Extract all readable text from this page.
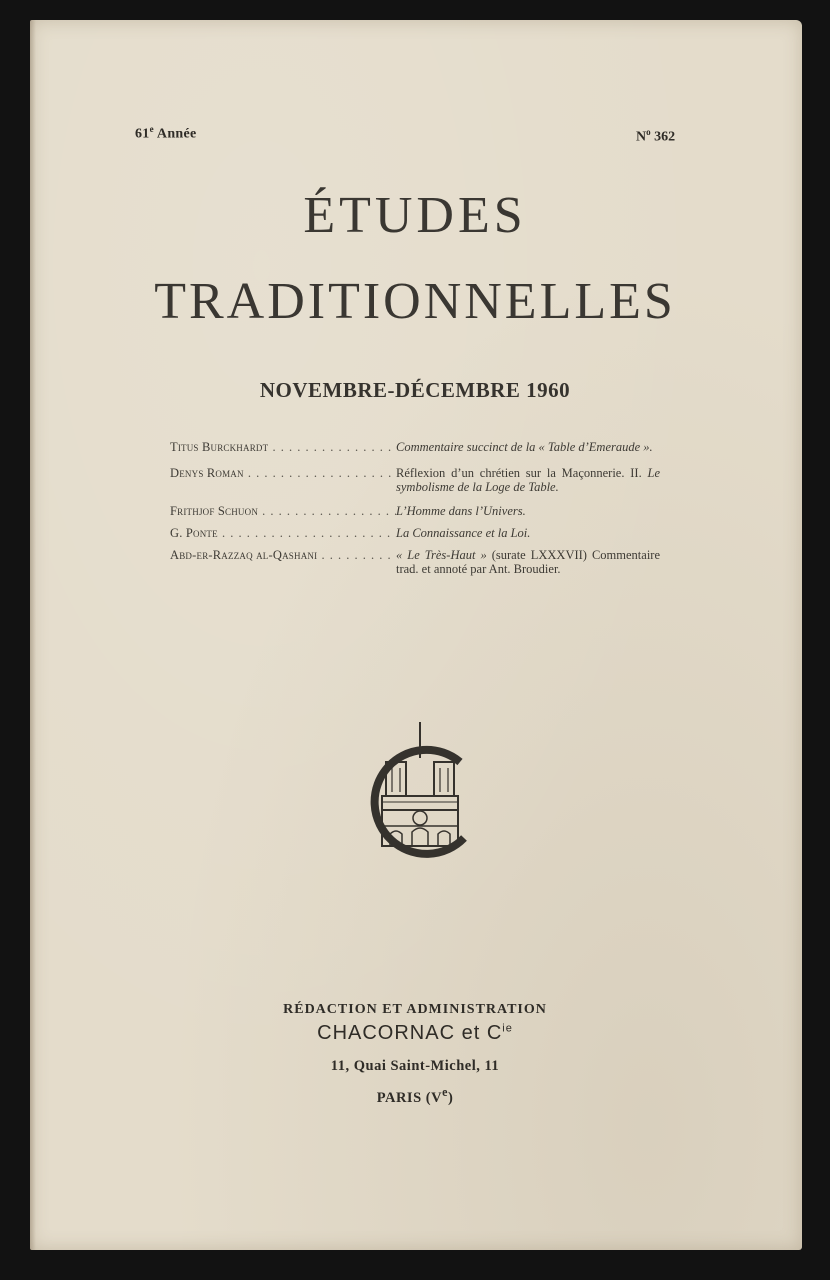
61e Année	$N^o$ 362
ÉTUDES
TRADITIONNELLES
NOVEMBRE-DÉCEMBRE 1960
Titus Burckhardt . . .	Commentaire succinct de la « Table d’Emeraude ».
Denys Roman . . .	Réflexion d’un chrétien sur la Maçonnerie. II. Le symbolisme de la Loge de Table.
Frithjof Schuon . . .	L’Homme dans l’Univers.
G. Ponte . . .	La Connaissance et la Loi.
Abd-er-Razzaq al-Qashani . . .	« Le Très-Haut » (surate LXXXVII) Commentaire trad. et annoté par Ant. Broudier.
RÉDACTION ET ADMINISTRATION
CHACORNAC et $C^{ie}$
11, Quai Saint-Michel, 11
PARIS (Ve)
